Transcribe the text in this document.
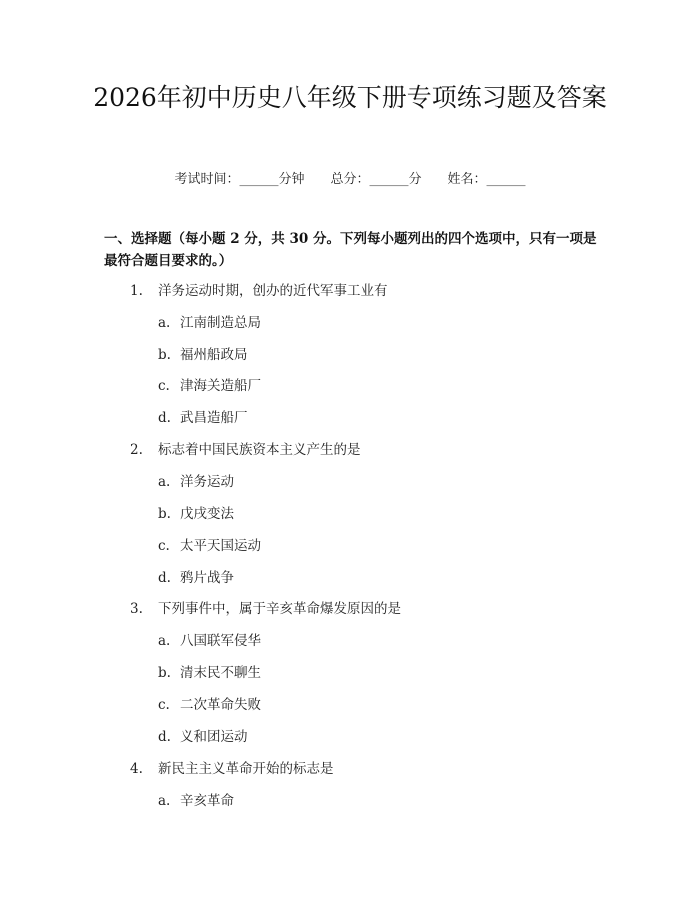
2026年初中历史八年级下册专项练习题及答案
考试时间：______分钟 总分：______分 姓名：______
一、选择题（每小题 2 分，共 30 分。下列每小题列出的四个选项中，只有一项是最符合题目要求的。）
1. 洋务运动时期，创办的近代军事工业有
a. 江南制造总局
b. 福州船政局
c. 津海关造船厂
d. 武昌造船厂
2. 标志着中国民族资本主义产生的是
a. 洋务运动
b. 戊戌变法
c. 太平天国运动
d. 鸦片战争
3. 下列事件中，属于辛亥革命爆发原因的是
a. 八国联军侵华
b. 清末民不聊生
c. 二次革命失败
d. 义和团运动
4. 新民主主义革命开始的标志是
a. 辛亥革命
